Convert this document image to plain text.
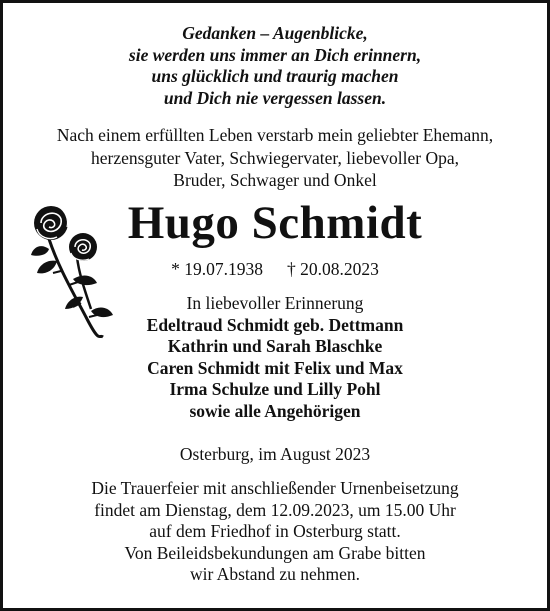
Gedanken – Augenblicke,
sie werden uns immer an Dich erinnern,
uns glücklich und traurig machen
und Dich nie vergessen lassen.
Nach einem erfüllten Leben verstarb mein geliebter Ehemann,
herzensguter Vater, Schwiegervater, liebevoller Opa,
Bruder, Schwager und Onkel
Hugo Schmidt
* 19.07.1938 † 20.08.2023
In liebevoller Erinnerung
Edeltraud Schmidt geb. Dettmann
Kathrin und Sarah Blaschke
Caren Schmidt mit Felix und Max
Irma Schulze und Lilly Pohl
sowie alle Angehörigen
Osterburg, im August 2023
Die Trauerfeier mit anschließender Urnenbeisetzung
findet am Dienstag, dem 12.09.2023, um 15.00 Uhr
auf dem Friedhof in Osterburg statt.
Von Beileidsbekundungen am Grabe bitten
wir Abstand zu nehmen.
